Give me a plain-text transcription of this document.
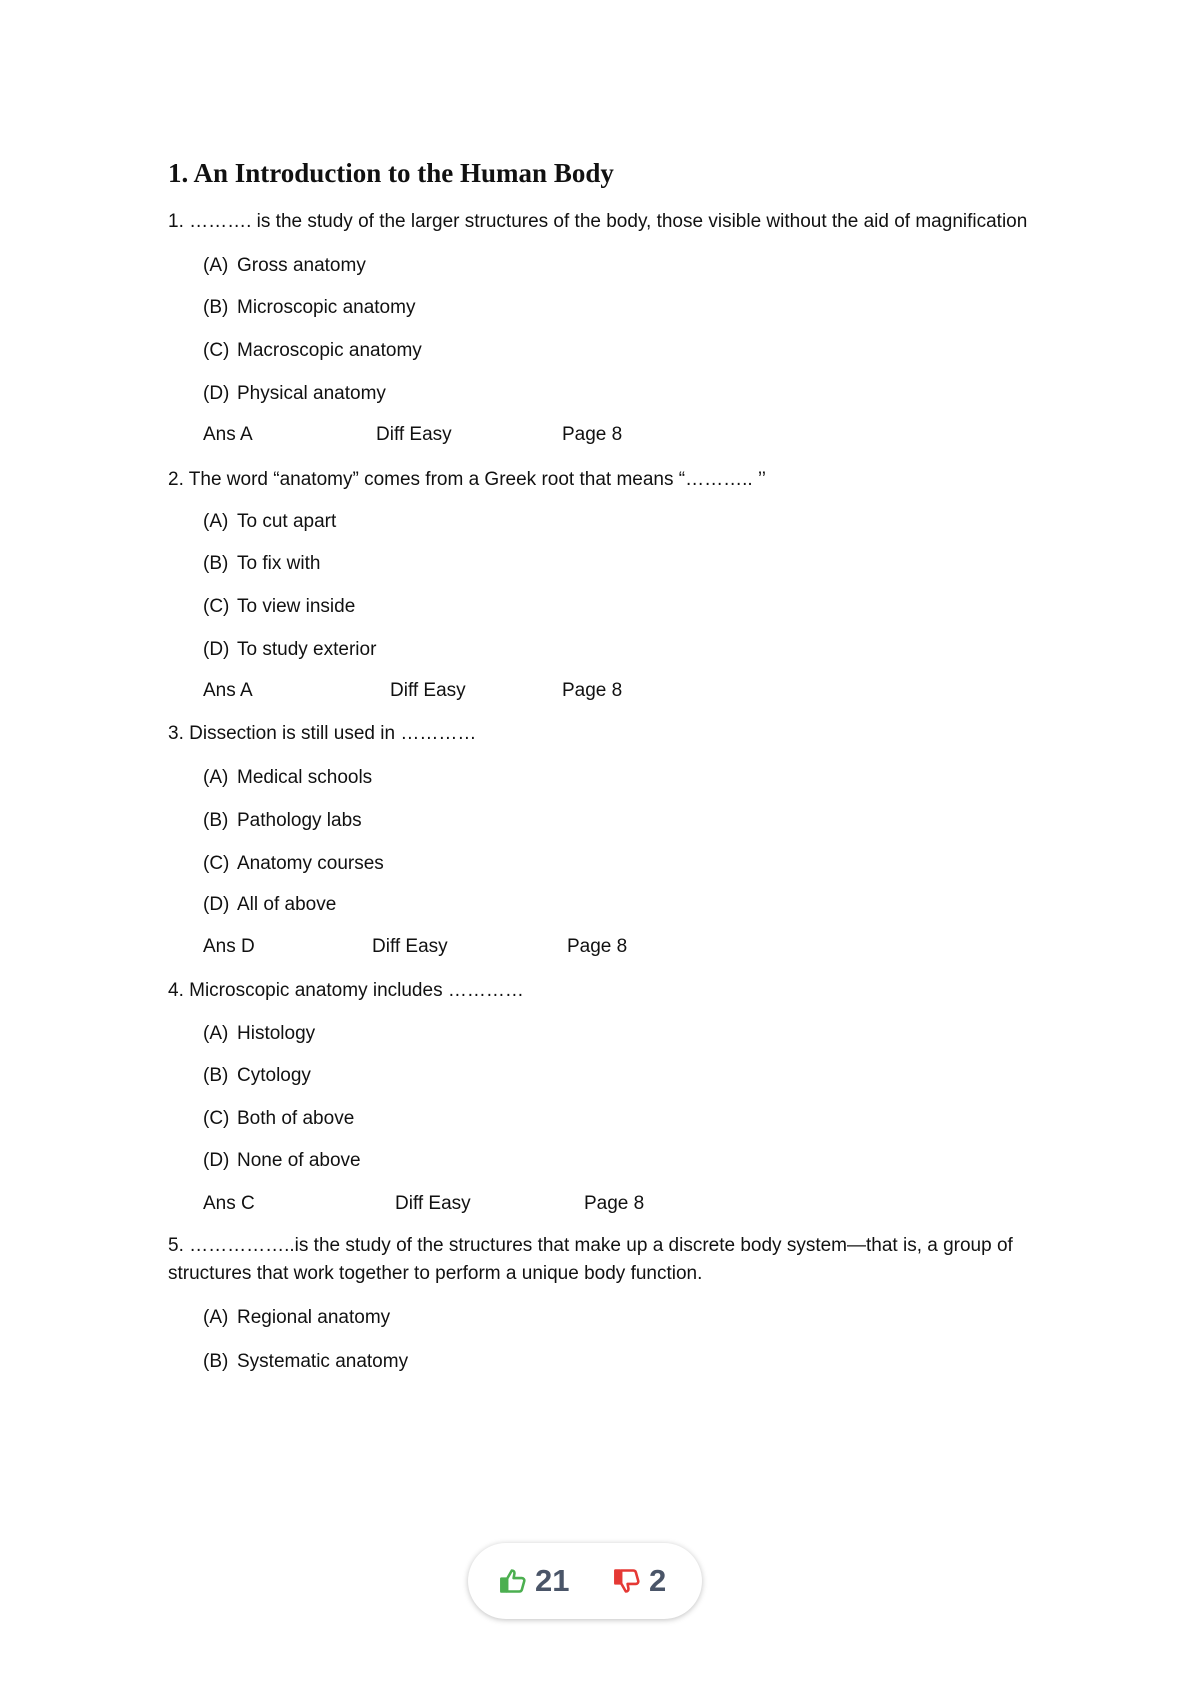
1. An Introduction to the Human Body
1. ………. is the study of the larger structures of the body, those visible without the aid of magnification
(A) Gross anatomy
(B) Microscopic anatomy
(C) Macroscopic anatomy
(D) Physical anatomy
Ans A	Diff Easy	Page 8
2. The word “anatomy” comes from a Greek root that means “……….. ’’
(A) To cut apart
(B) To fix with
(C) To view inside
(D) To study exterior
Ans A	Diff Easy	Page 8
3. Dissection is still used in …………
(A) Medical schools
(B) Pathology labs
(C) Anatomy courses
(D) All of above
Ans D	Diff Easy	Page 8
4. Microscopic anatomy includes …………
(A) Histology
(B) Cytology
(C) Both of above
(D) None of above
Ans C	Diff Easy	Page 8
5. ……………..is the study of the structures that make up a discrete body system—that is, a group of structures that work together to perform a unique body function.
(A) Regional anatomy
(B) Systematic anatomy
21	2
